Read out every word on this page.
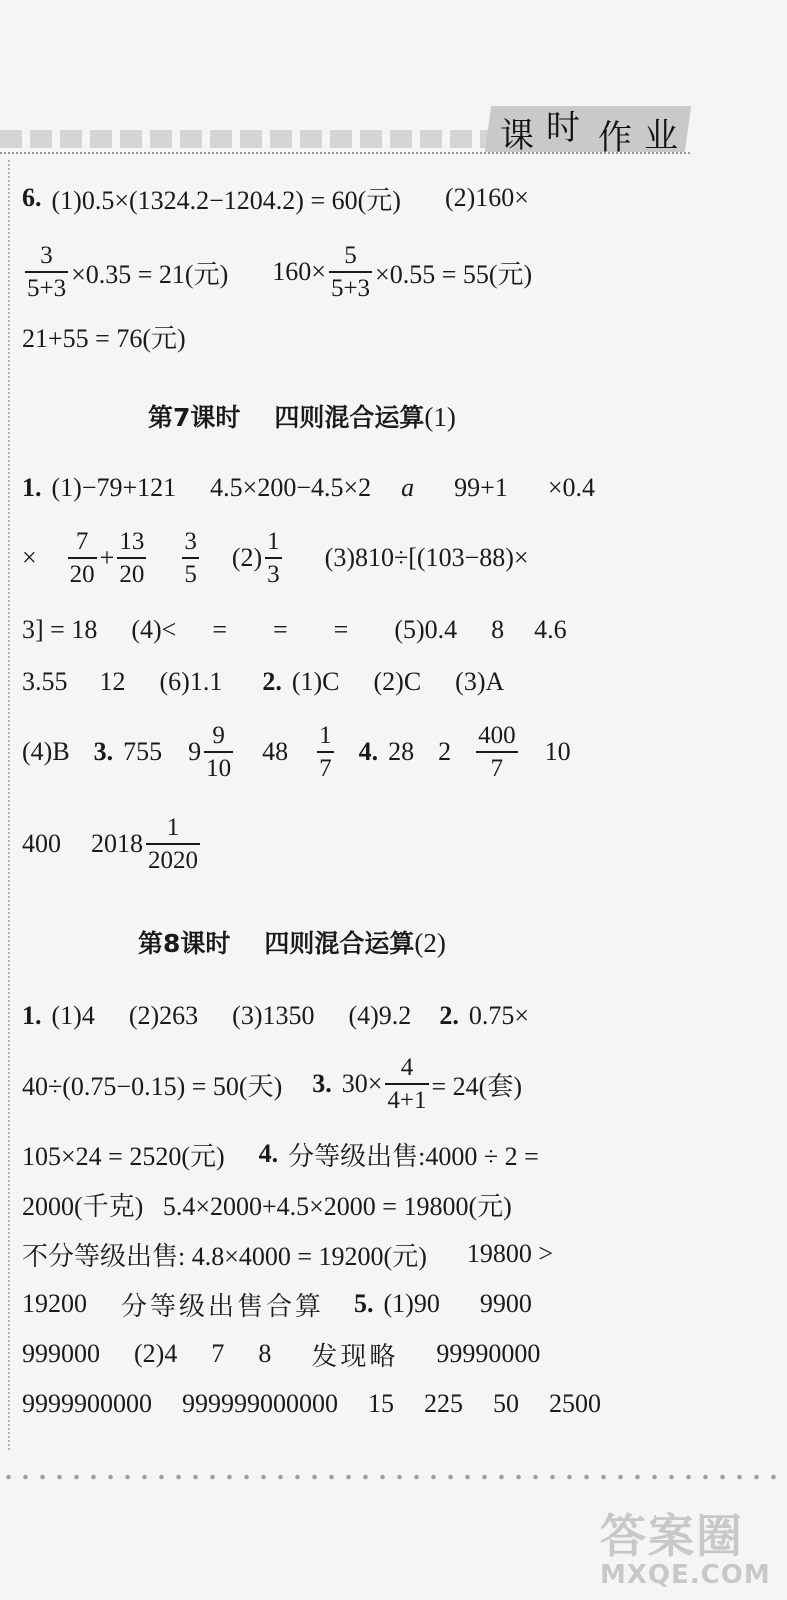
课 时 作 业
6. (1)0.5×(1324.2−1204.2) = 60(元) (2)160×
$\frac{3}{5+3} \times 0.35 = 21$(元) $160\times \frac{5}{5+3} \times 0.55 = 55$(元)
21+55 = 76(元)
第7课时 四则混合运算(1)
1. (1)−79+121 4.5×200−4.5×2 a 99+1 ×0.4
× $\frac{7}{20} + \frac{13}{20} \frac{3}{5} (2) \frac{1}{3} (3)810\div[(103-88)\times$
3] = 18 (4)< = = = (5)0.4 8 4.6
3.55 12 (6)1.1 2. (1)C (2)C (3)A
(4)B 3. 755 $9 \frac{9}{10} 48 \frac{1}{7} 4$. 28 $2 \frac{400}{7} 10$
400 $2018 \frac{1}{2020}$
第8课时 四则混合运算(2)
1. (1)4 (2)263 (3)1350 (4)9.2 2. 0.75×
40÷(0.75−0.15) = 50(天) 3. $30\times \frac{4}{4+1} = 24$(套)
105×24 = 2520(元) 4. 分等级出售:4000 ÷ 2 =
2000(千克)   5.4×2000+4.5×2000 = 19800(元)
不分等级出售: 4.8×4000 = 19200(元) 19800 >
19200 分等级出售合算 5. (1)90 9900
999000 (2)4 7 8 发现略 99990000
9999900000 999999000000 15 225 50 2500
答案圈
MXQE.COM
